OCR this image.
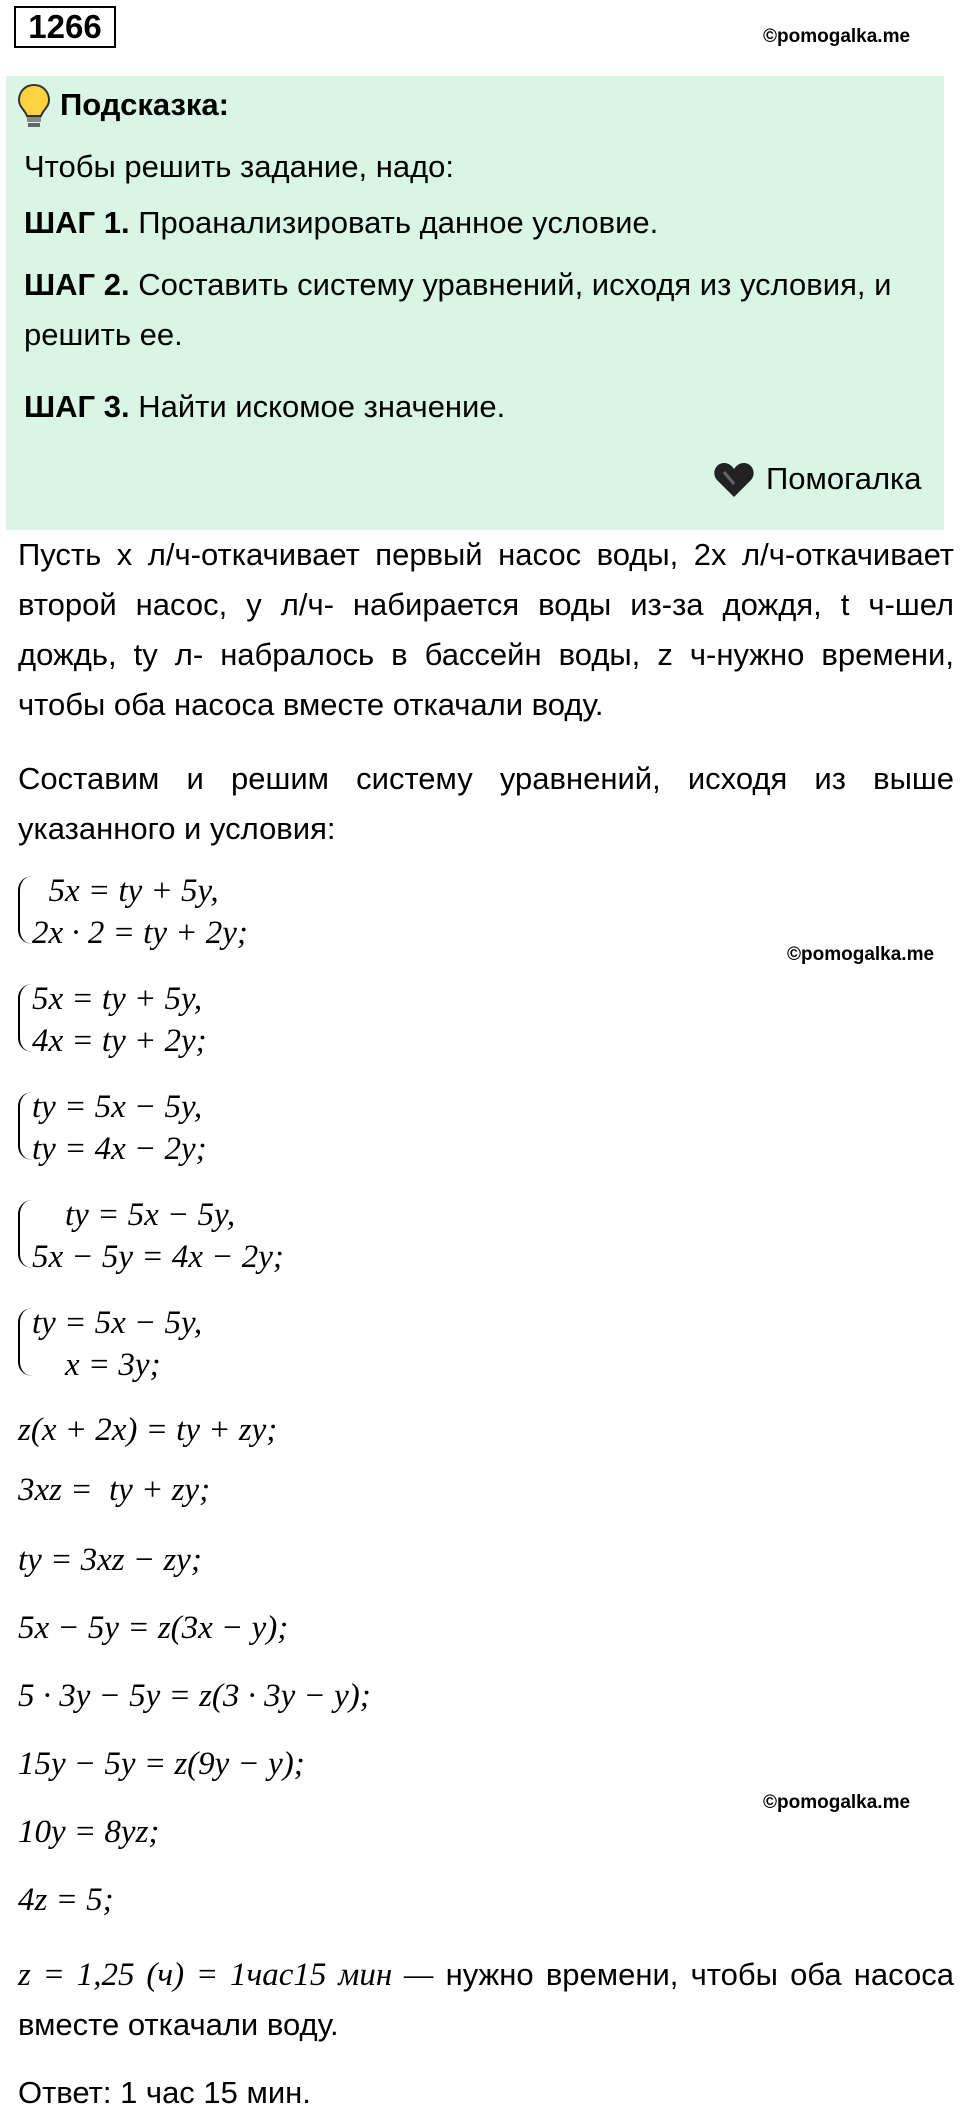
1266	©pomogalka.me
Подсказка:
Чтобы решить задание, надо:
ШАГ 1. Проанализировать данное условие.
ШАГ 2. Составить систему уравнений, исходя из условия, и решить ее.
ШАГ 3. Найти искомое значение.
Помогалка
Пусть x л/ч-откачивает первый насос воды, 2x л/ч-откачивает второй насос, y л/ч- набирается воды из-за дождя, t ч-шел дождь, ty л- набралось в бассейн воды, z ч-нужно времени, чтобы оба насоса вместе откачали воду.
Составим и решим систему уравнений, исходя из выше указанного и условия:
5x = ty + 5y,
2x · 2 = ty + 2y;
©pomogalka.me
5x = ty + 5y,
4x = ty + 2y;
ty = 5x − 5y,
ty = 4x − 2y;
ty = 5x − 5y,
5x − 5y = 4x − 2y;
ty = 5x − 5y,
x = 3y;
z(x + 2x) = ty + zy;
3xz =  ty + zy;
ty = 3xz − zy;
5x − 5y = z(3x − y);
5 · 3y − 5y = z(3 · 3y − y);
15y − 5y = z(9y − y);
©pomogalka.me
10y = 8yz;
4z = 5;
z = 1,25 (ч) = 1час15 мин — нужно времени, чтобы оба насоса вместе откачали воду.
Ответ: 1 час 15 мин.
